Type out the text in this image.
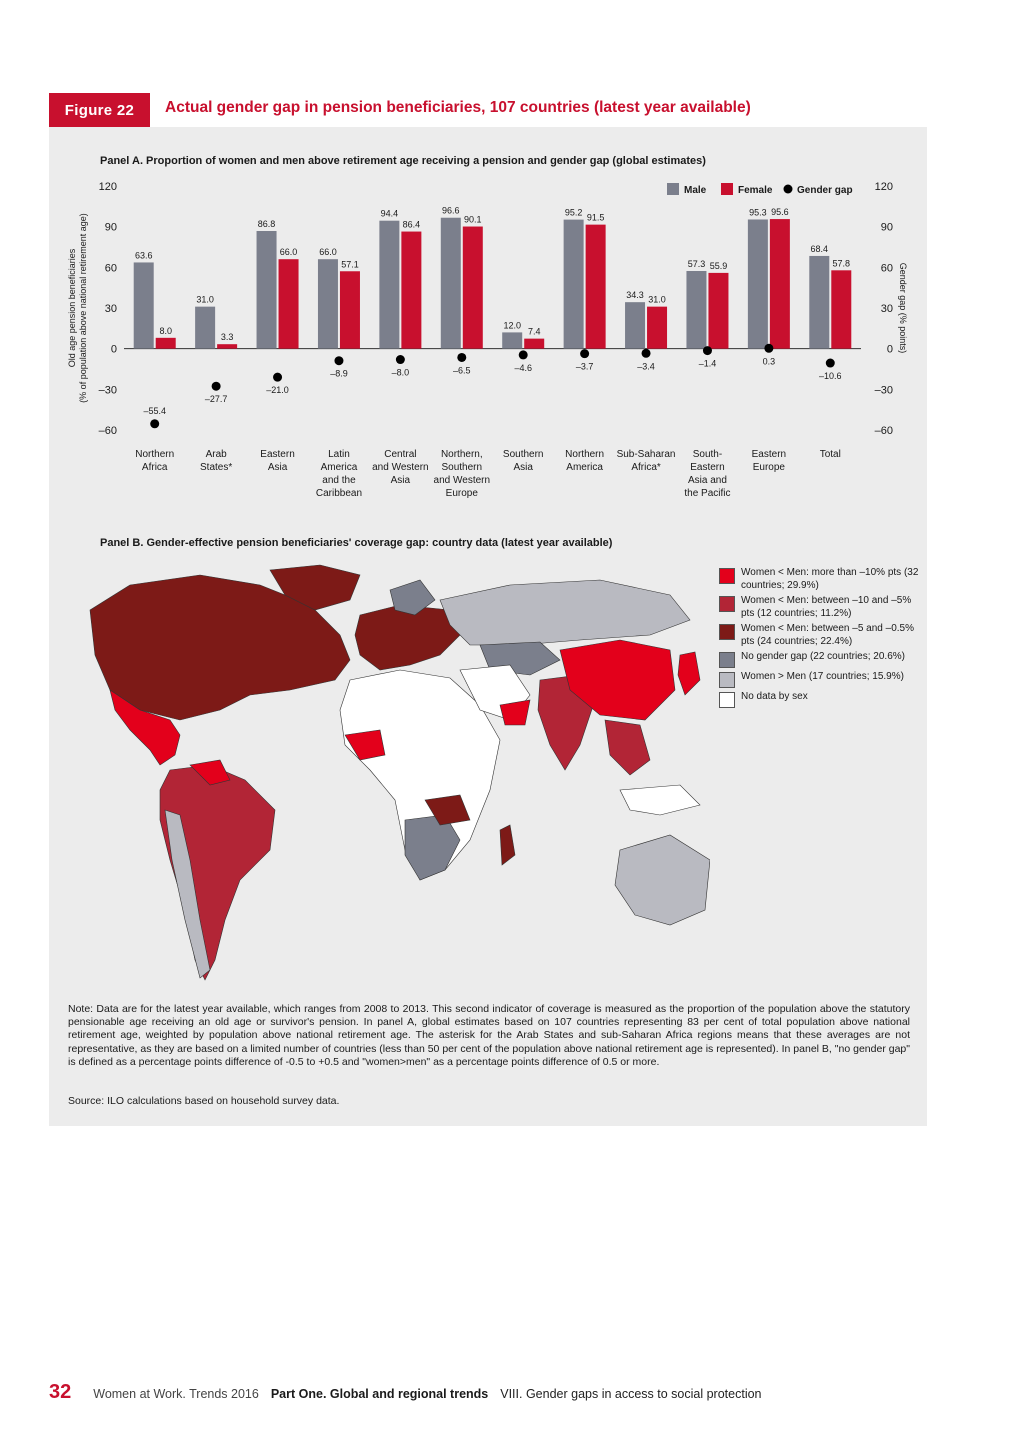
Figure 22	Actual gender gap in pension beneficiaries, 107 countries (latest year available)
Panel A. Proportion of women and men above retirement age receiving a pension and gender gap (global estimates)
–60	–60
–30	–30
0	0
30	30
60	60
90	90
120	120
Old age pension beneficiaries (% of population above national retirement age)	Gender gap (% points)
63.6
8.0
–55.4
Northern
Africa
31.0
3.3
–27.7
Arab
States*
86.8
66.0
–21.0
Eastern
Asia
66.0
57.1
–8.9
Latin
America
and the
Caribbean
94.4
86.4
–8.0
Central
and Western
Asia
96.6
90.1
–6.5
Northern,
Southern
and Western
Europe
12.0
7.4
–4.6
Southern
Asia
95.2
91.5
–3.7
Northern
America
34.3 31.0
–3.4
Sub-Saharan
Africa*
57.3 55.9
–1.4
South-
Eastern
Asia and
the Pacific
95.3 95.6
0.3
Eastern
Europe
68.4
57.8
–10.6
Total
Male	Female Gender gap
Panel B. Gender-effective pension beneficiaries' coverage gap: country data (latest year available)
Women < Men: more than –10% pts (32 countries; 29.9%)
Women < Men: between –10 and –5% pts (12 countries; 11.2%)
Women < Men: between –5 and –0.5% pts (24 countries; 22.4%)
No gender gap (22 countries; 20.6%)
Women > Men (17 countries; 15.9%)
No data by sex
Note: Data are for the latest year available, which ranges from 2008 to 2013. This second indicator of coverage is measured as the proportion of the population above the statutory pensionable age receiving an old age or survivor's pension. In panel A, global estimates based on 107 countries representing 83 per cent of total population above national retirement age, weighted by population above national retirement age. The asterisk for the Arab States and sub-Saharan Africa regions means that these averages are not representative, as they are based on a limited number of countries (less than 50 per cent of the population above national retirement age is represented). In panel B, "no gender gap" is defined as a percentage points difference of -0.5 to +0.5 and "women>men" as a percentage points difference of 0.5 or more.
Source: ILO calculations based on household survey data.
32 Women at Work. Trends 2016 Part One. Global and regional trends VIII. Gender gaps in access to social protection
